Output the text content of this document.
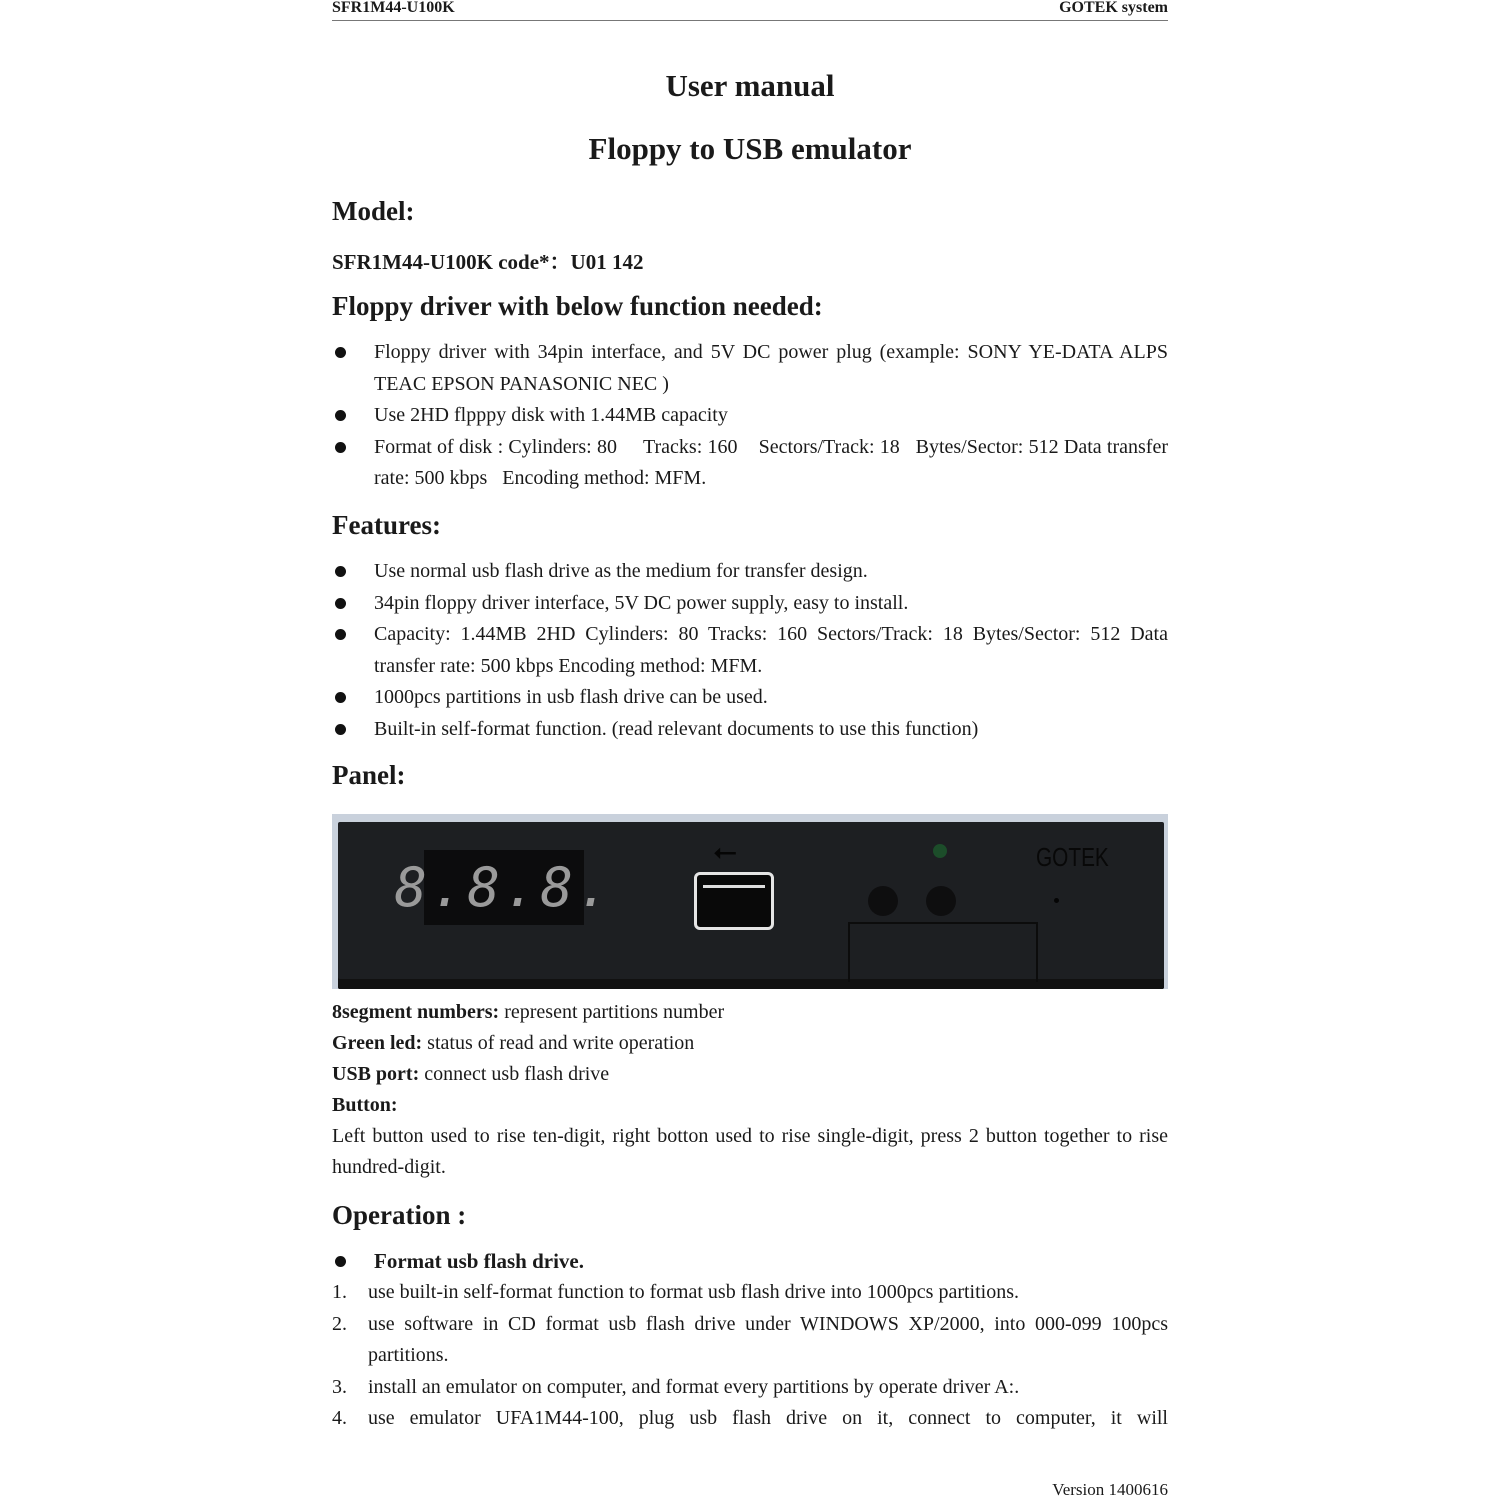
SFR1M44-U100K	GOTEK system
User manual
Floppy to USB emulator
Model:
SFR1M44-U100K code*：U01 142
Floppy driver with below function needed:
Floppy driver with 34pin interface, and 5V DC power plug (example: SONY YE-DATA ALPS TEAC EPSON PANASONIC NEC )
Use 2HD flpppy disk with 1.44MB capacity
Format of disk : Cylinders: 80     Tracks: 160    Sectors/Track: 18   Bytes/Sector: 512 Data transfer rate: 500 kbps   Encoding method: MFM.
Features:
Use normal usb flash drive as the medium for transfer design.
34pin floppy driver interface, 5V DC power supply, easy to install.
Capacity: 1.44MB 2HD Cylinders: 80 Tracks: 160 Sectors/Track: 18 Bytes/Sector: 512 Data transfer rate: 500 kbps Encoding method: MFM.
1000pcs partitions in usb flash drive can be used.
Built-in self-format function. (read relevant documents to use this function)
Panel:
8.8.8.
⭠	GOTEK
8segment numbers: represent partitions number
Green led: status of read and write operation
USB port: connect usb flash drive
Button:
Left button used to rise ten-digit, right botton used to rise single-digit, press 2 button together to rise hundred-digit.
Operation :
Format usb flash drive.
1. use built-in self-format function to format usb flash drive into 1000pcs partitions.
2. use software in CD format usb flash drive under WINDOWS XP/2000, into 000-099 100pcs partitions.
3. install an emulator on computer, and format every partitions by operate driver A:.
4. use emulator UFA1M44-100, plug usb flash drive on it, connect to computer, it will
Version 1400616
